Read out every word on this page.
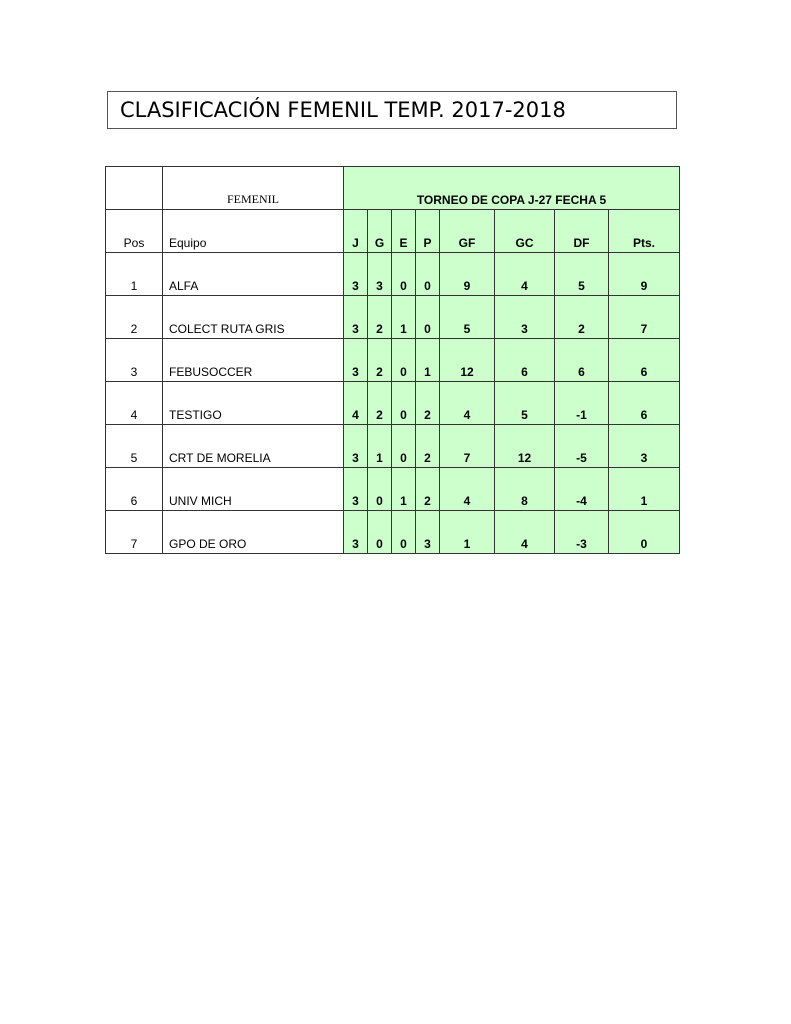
CLASIFICACIÓN FEMENIL TEMP. 2017-2018
	FEMENIL	TORNEO DE COPA J-27 FECHA 5							
Pos	Equipo	J	G	E	P	GF	GC	DF	Pts.
1	ALFA	3	3	0	0	9	4	5	9
2	COLECT RUTA GRIS	3	2	1	0	5	3	2	7
3	FEBUSOCCER	3	2	0	1	12	6	6	6
4	TESTIGO	4	2	0	2	4	5	-1	6
5	CRT DE MORELIA	3	1	0	2	7	12	-5	3
6	UNIV MICH	3	0	1	2	4	8	-4	1
7	GPO DE ORO	3	0	0	3	1	4	-3	0
